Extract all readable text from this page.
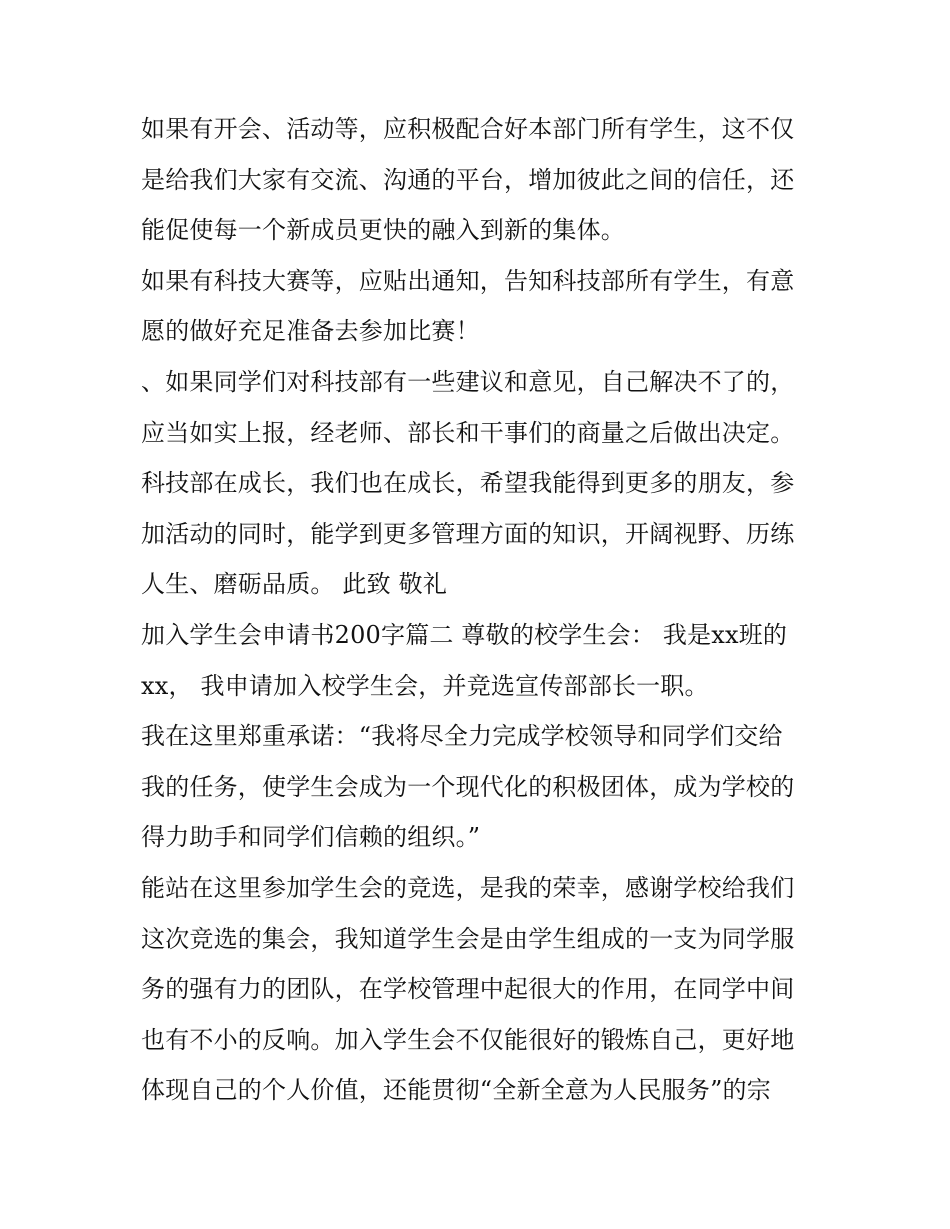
如果有开会、活动等，应积极配合好本部门所有学生，这不仅
是给我们大家有交流、沟通的平台，增加彼此之间的信任，还
能促使每一个新成员更快的融入到新的集体。
如果有科技大赛等，应贴出通知，告知科技部所有学生，有意
愿的做好充足准备去参加比赛！
、如果同学们对科技部有一些建议和意见，自己解决不了的，
应当如实上报，经老师、部长和干事们的商量之后做出决定。
科技部在成长，我们也在成长，希望我能得到更多的朋友，参
加活动的同时，能学到更多管理方面的知识，开阔视野、历练
人生、磨砺品质。 此致 敬礼
加入学生会申请书200字篇二 尊敬的校学生会： 我是xx班的
xx， 我申请加入校学生会，并竞选宣传部部长一职。
我在这里郑重承诺：“我将尽全力完成学校领导和同学们交给
我的任务，使学生会成为一个现代化的积极团体，成为学校的
得力助手和同学们信赖的组织。”
能站在这里参加学生会的竞选，是我的荣幸，感谢学校给我们
这次竞选的集会，我知道学生会是由学生组成的一支为同学服
务的强有力的团队，在学校管理中起很大的作用，在同学中间
也有不小的反响。加入学生会不仅能很好的锻炼自己，更好地
体现自己的个人价值，还能贯彻“全新全意为人民服务”的宗
